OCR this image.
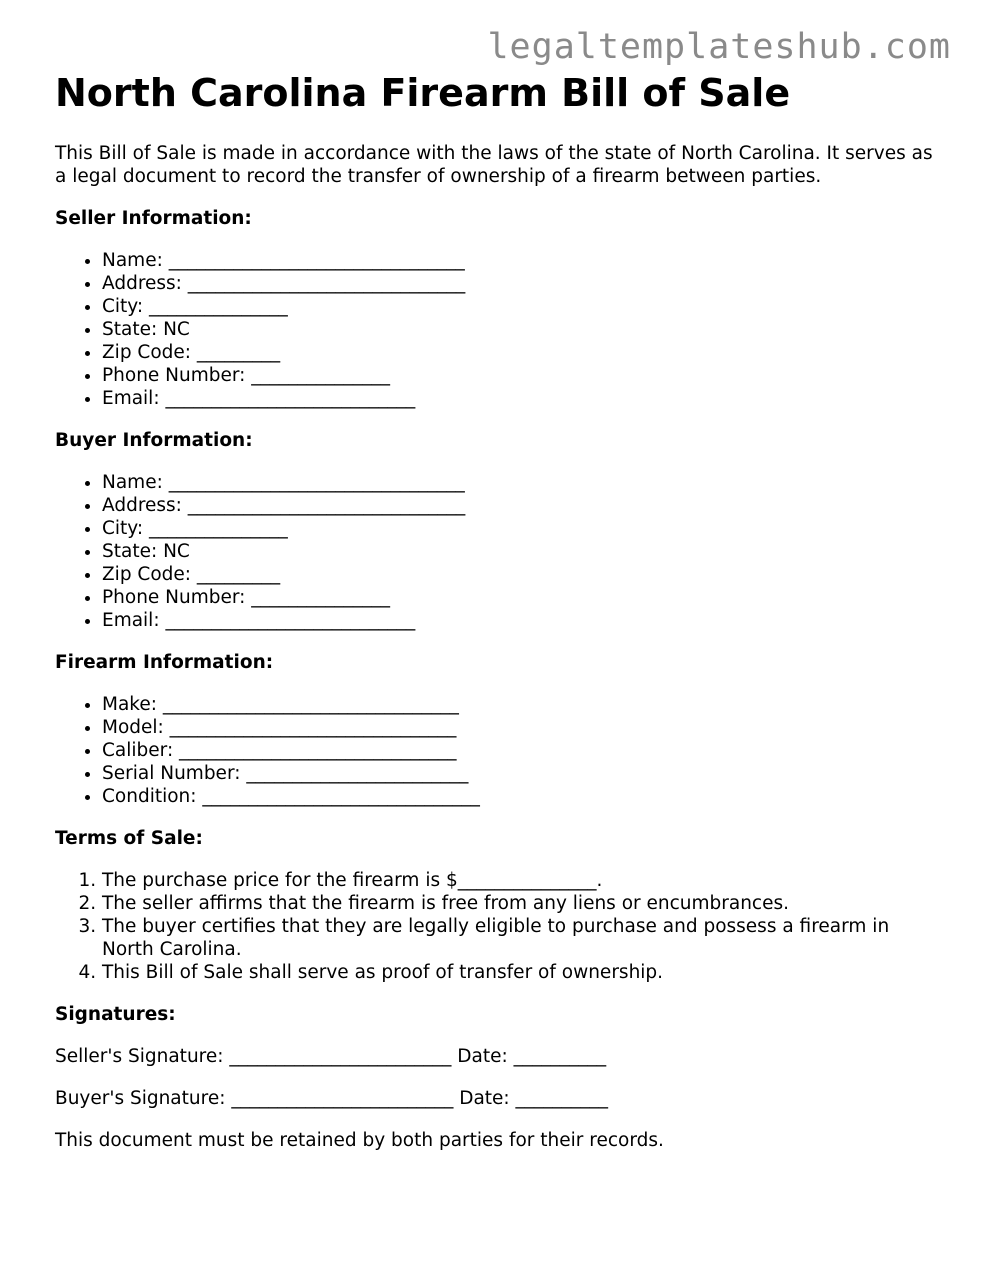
legaltemplateshub.com
North Carolina Firearm Bill of Sale

This Bill of Sale is made in accordance with the laws of the state of North Carolina. It serves as a legal document to record the transfer of ownership of a firearm between parties.

Seller Information:
• Name: ________________________________
• Address: ______________________________
• City: _______________
• State: NC
• Zip Code: _________
• Phone Number: _______________
• Email: ___________________________
Buyer Information:
• Name: ________________________________
• Address: ______________________________
• City: _______________
• State: NC
• Zip Code: _________
• Phone Number: _______________
• Email: ___________________________
Firearm Information:
• Make: ________________________________
• Model: _______________________________
• Caliber: ______________________________
• Serial Number: ________________________
• Condition: ______________________________
Terms of Sale:
1. The purchase price for the firearm is $_______________.
2. The seller affirms that the firearm is free from any liens or encumbrances.
3. The buyer certifies that they are legally eligible to purchase and possess a firearm in North Carolina.
4. This Bill of Sale shall serve as proof of transfer of ownership.
Signatures:

Seller's Signature: ________________________ Date: __________

Buyer's Signature: ________________________ Date: __________

This document must be retained by both parties for their records.
